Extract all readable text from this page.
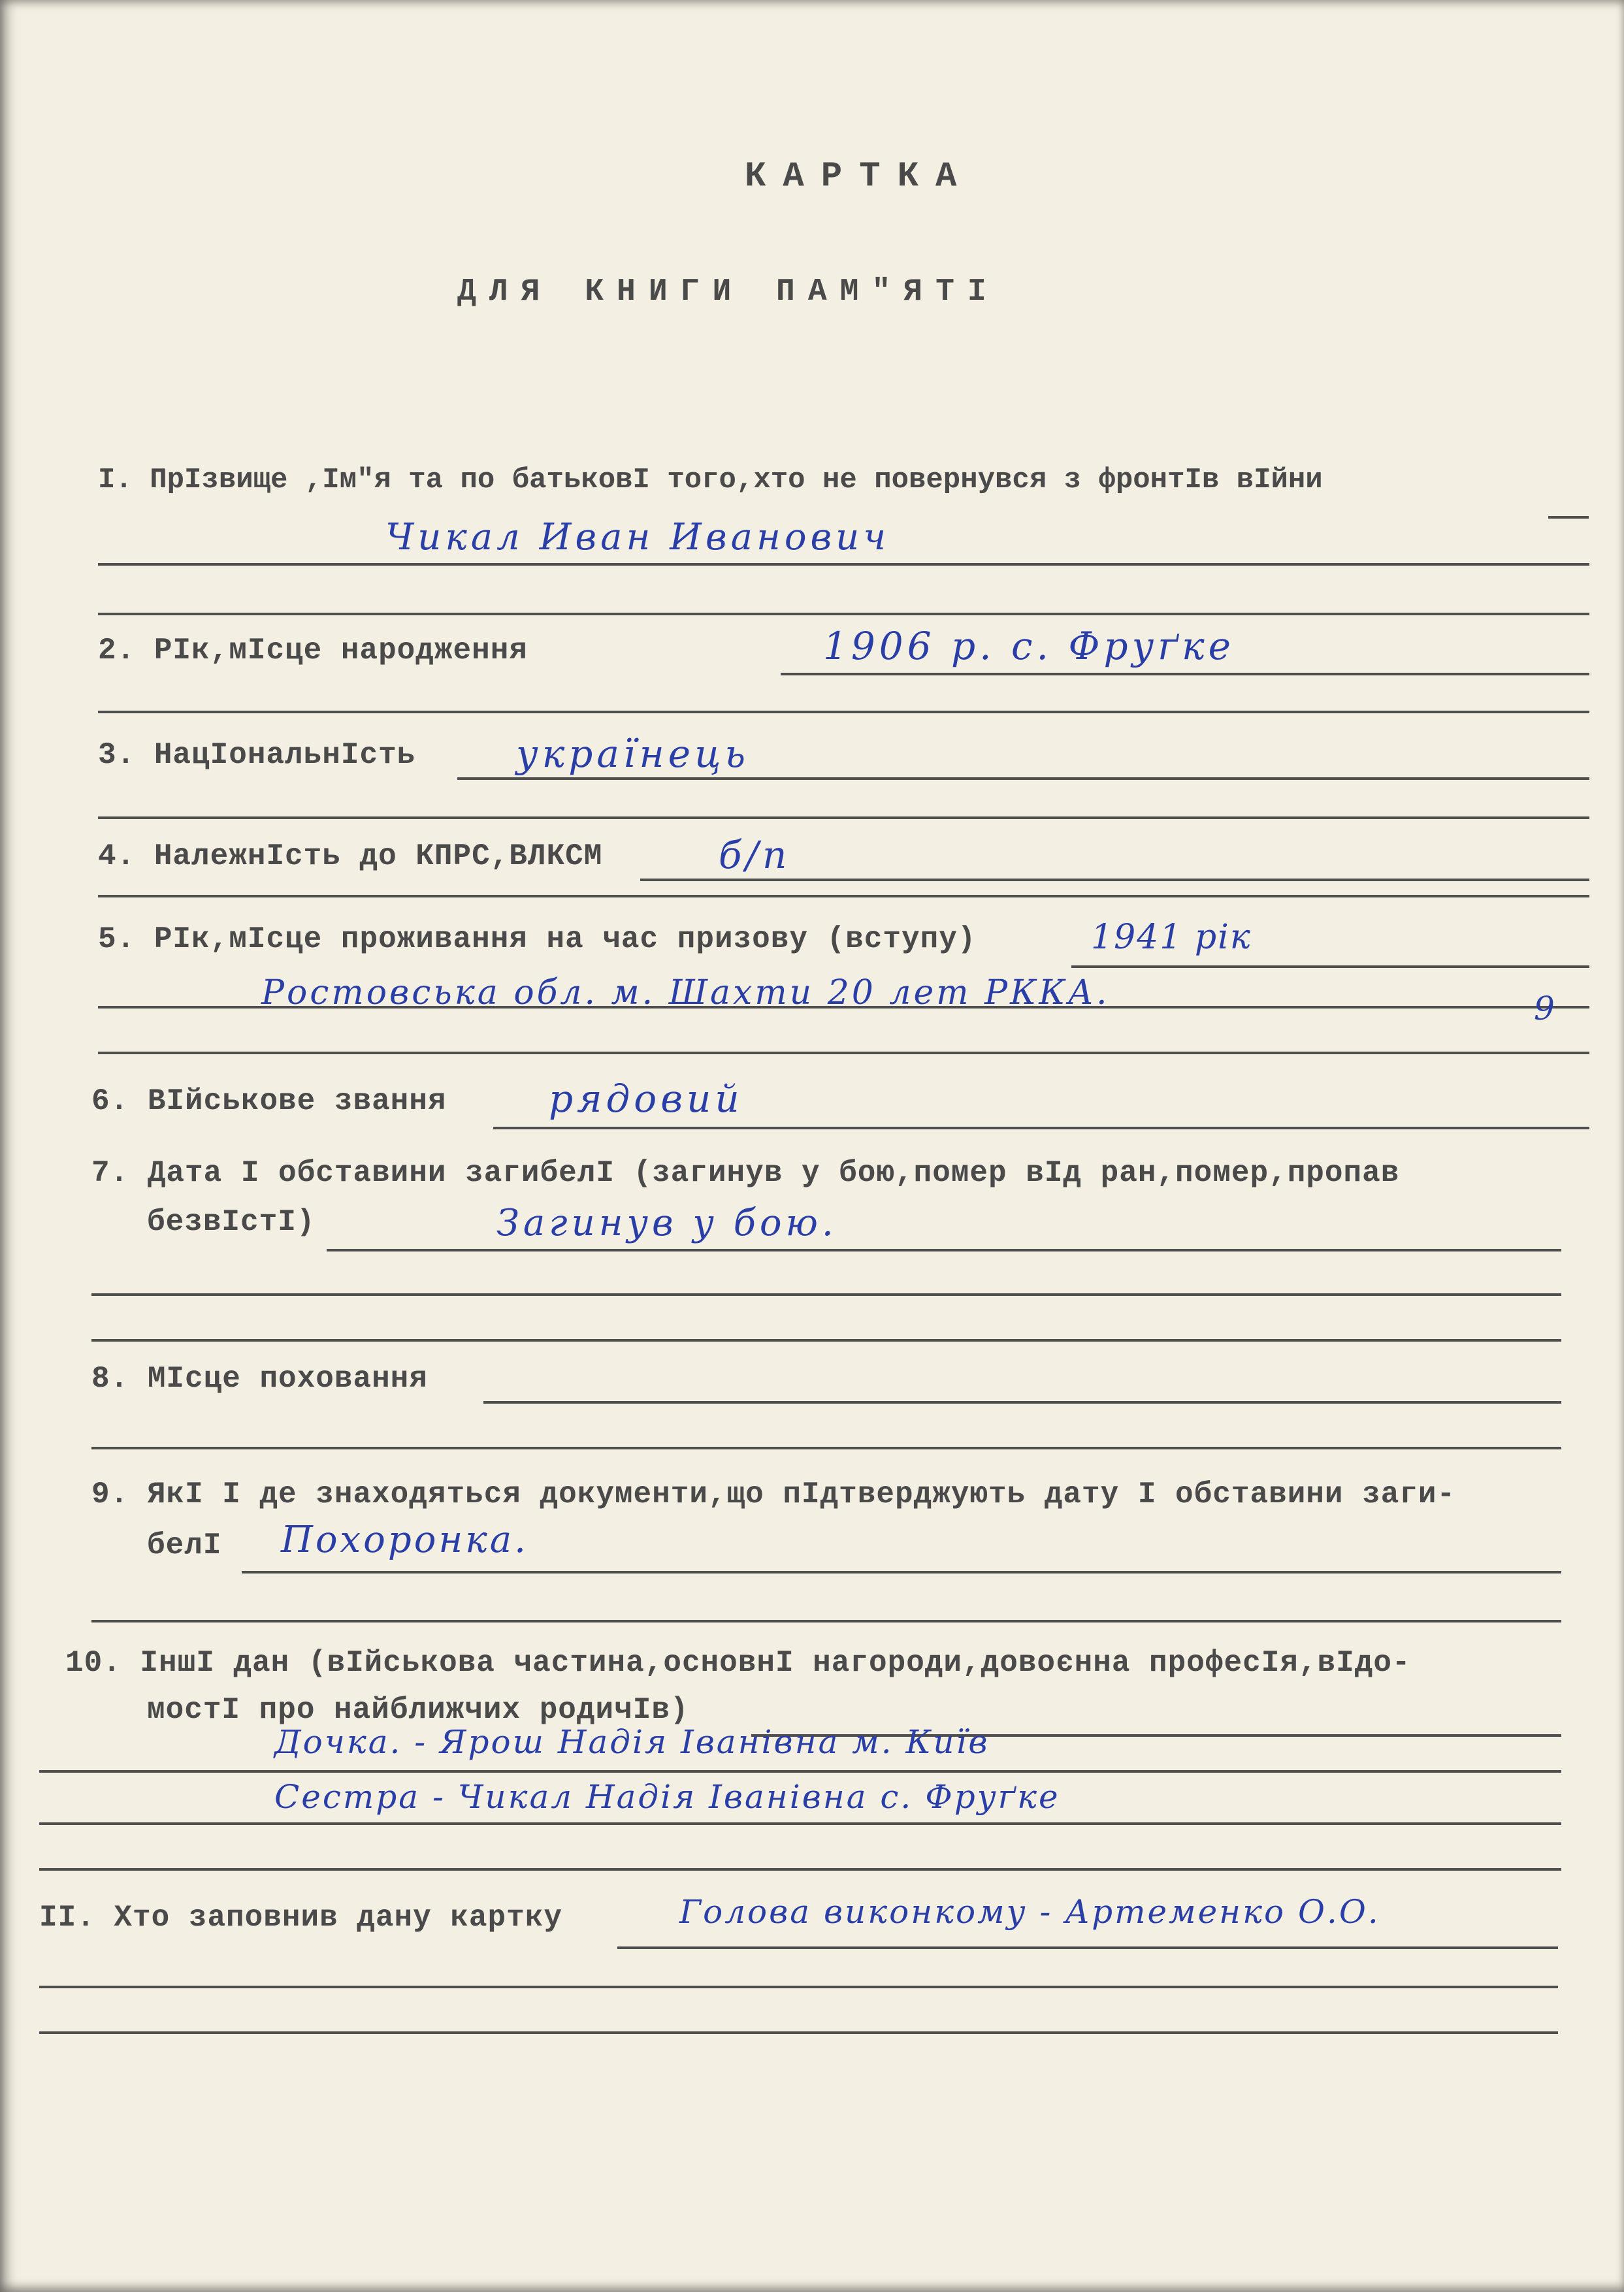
КАРТКА
ДЛЯ КНИГИ ПАМ"ЯТІ
І. ПрІзвище ,Ім"я та по батьковІ того,хто не повернувся з фронтІв вІйни
Чикал Иван Иванович
2. РІк,мІсце народження	1906 р. с. Фруґке
3. НацІональнІсть	українець
4. НалежнІсть до КПРС,ВЛКСМ	б/п
5. РІк,мІсце проживання на час призову (вступу)	1941 рік
Ростовська обл. м. Шахти 20 лет РККА.	9
6. ВІйськове звання	рядовий
7. Дата І обставини загибелІ (загинув у бою,помер вІд ран,помер,пропав
безвІстІ)	Загинув у бою.
8. МІсце поховання
9. ЯкІ І де знаходяться документи,що пІдтверджують дату І обставини заги-
белІ Похоронка.
10. ІншІ дан (вІйськова частина,основнІ нагороди,довоєнна професІя,вІдо-
мостІ про найближчих родичІв)
Дочка. - Ярош Надія Іванівна м. Київ
Сестра - Чикал Надія Іванівна с. Фруґке
ІІ. Хто заповнив дану картку	Голова виконкому - Артеменко О.О.
